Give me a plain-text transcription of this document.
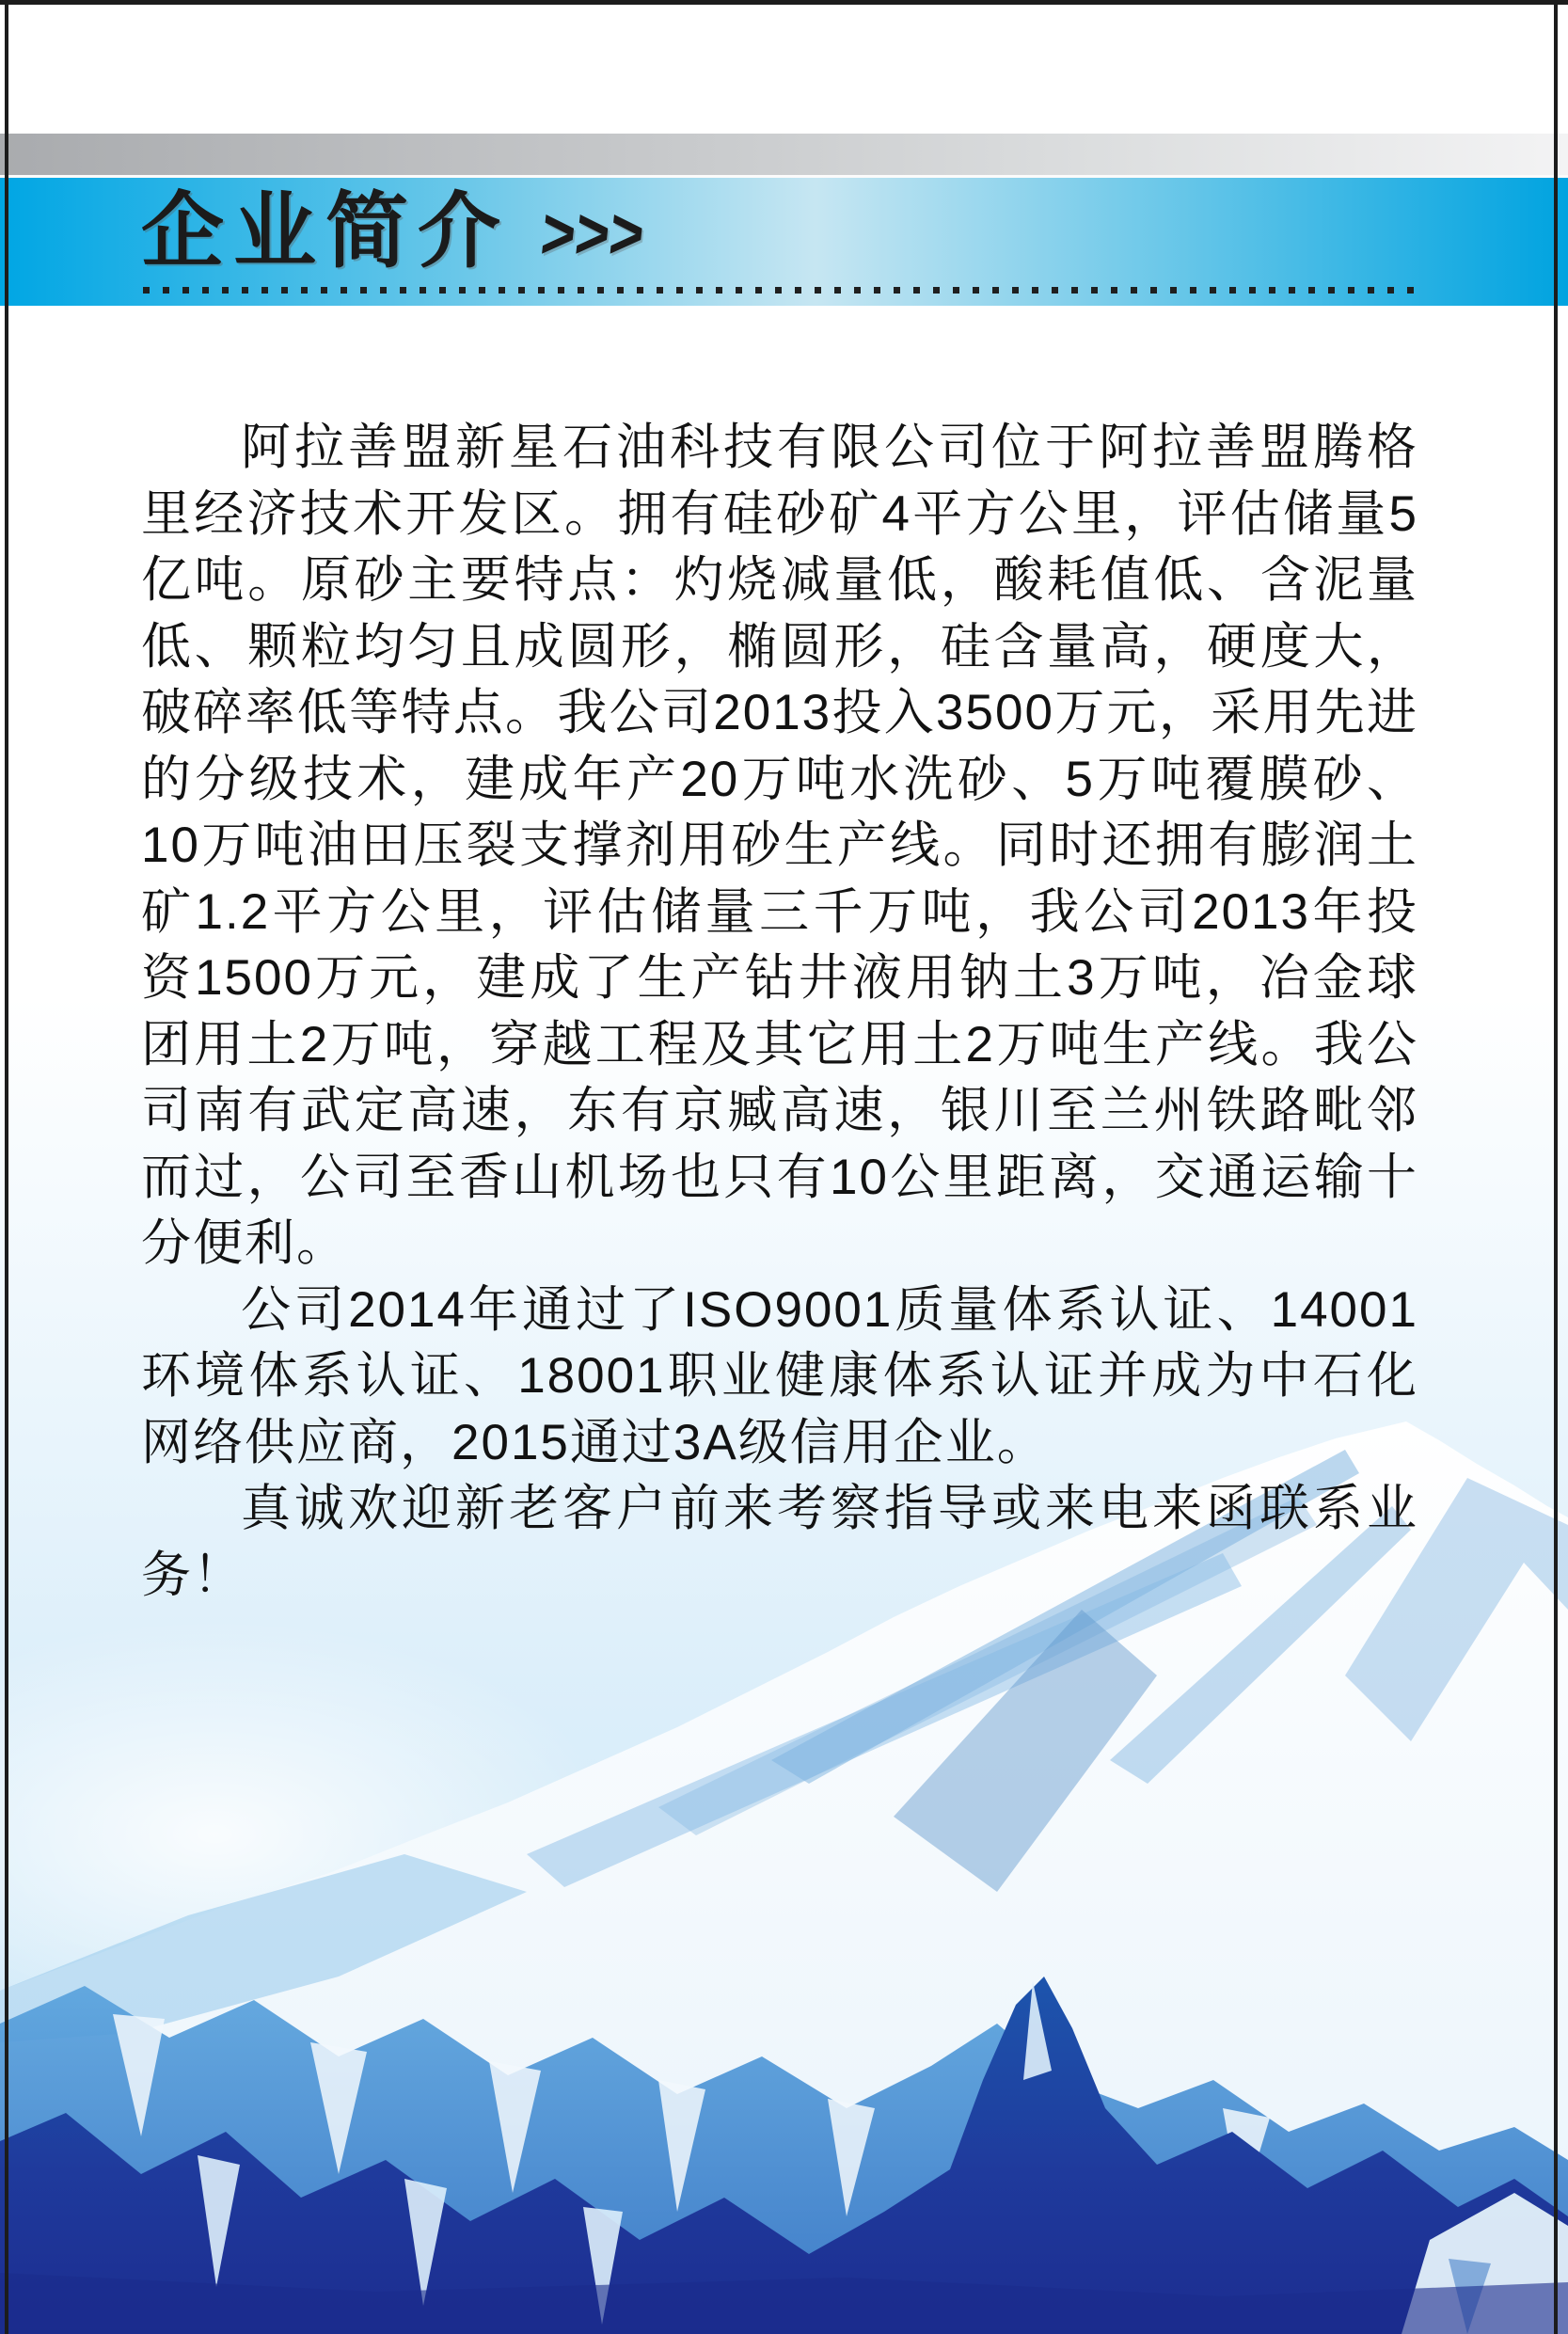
企业简介 >>>

阿拉善盟新星石油科技有限公司位于阿拉善盟腾格里经济技术开发区。拥有硅砂矿4平方公里，评估储量5亿吨。原砂主要特点：灼烧减量低，酸耗值低、含泥量低、颗粒均匀且成圆形，椭圆形，硅含量高，硬度大，破碎率低等特点。我公司2013投入3500万元，采用先进的分级技术，建成年产20万吨水洗砂、5万吨覆膜砂、10万吨油田压裂支撑剂用砂生产线。同时还拥有膨润土矿1.2平方公里，评估储量三千万吨，我公司2013年投资1500万元，建成了生产钻井液用钠土3万吨，冶金球团用土2万吨，穿越工程及其它用土2万吨生产线。我公司南有武定高速，东有京臧高速，银川至兰州铁路毗邻而过，公司至香山机场也只有10公里距离，交通运输十分便利。

公司2014年通过了ISO9001质量体系认证、14001环境体系认证、18001职业健康体系认证并成为中石化网络供应商，2015通过3A级信用企业。

真诚欢迎新老客户前来考察指导或来电来函联系业务！
